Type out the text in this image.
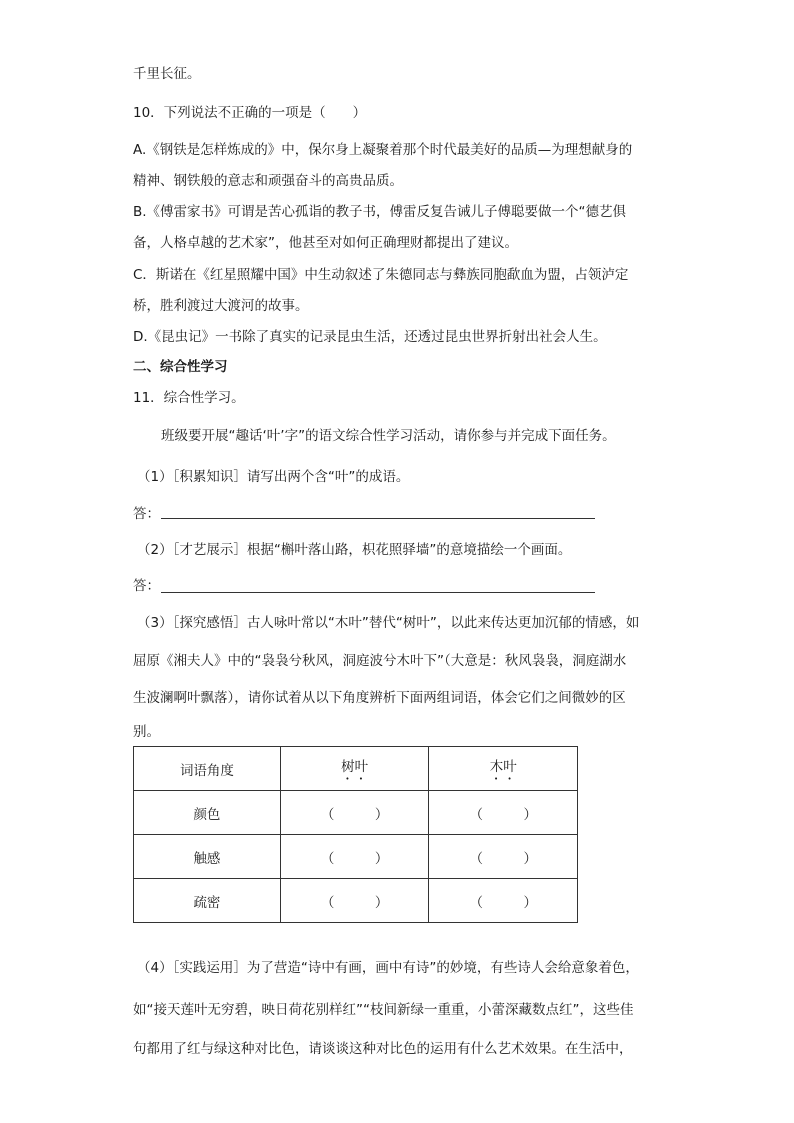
千里长征。
10．下列说法不正确的一项是（　　）
A.《钢铁是怎样炼成的》中，保尔身上凝聚着那个时代最美好的品质—为理想献身的
精神、钢铁般的意志和顽强奋斗的高贵品质。
B.《傅雷家书》可谓是苦心孤诣的教子书，傅雷反复告诫儿子傅聪要做一个“德艺俱
备，人格卓越的艺术家”，他甚至对如何正确理财都提出了建议。
C．斯诺在《红星照耀中国》中生动叙述了朱德同志与彝族同胞歃血为盟，占领泸定
桥，胜利渡过大渡河的故事。
D.《昆虫记》一书除了真实的记录昆虫生活，还透过昆虫世界折射出社会人生。
二、综合性学习
11．综合性学习。
班级要开展“趣话‘叶’字”的语文综合性学习活动，请你参与并完成下面任务。
（1）［积累知识］请写出两个含“叶”的成语。
答：
（2）［才艺展示］根据“槲叶落山路，枳花照驿墙”的意境描绘一个画面。
答：
（3）［探究感悟］古人咏叶常以“木叶”替代“树叶”，以此来传达更加沉郁的情感，如
屈原《湘夫人》中的“袅袅兮秋风，洞庭波兮木叶下”（大意是：秋风袅袅，洞庭湖水
生波澜啊叶飘落），请你试着从以下角度辨析下面两组词语，体会它们之间微妙的区
别。
词语角度	树叶	木叶
颜色	（　　　）	（　　　）
触感	（　　　）	（　　　）
疏密	（　　　）	（　　　）
（4）［实践运用］为了营造“诗中有画，画中有诗”的妙境，有些诗人会给意象着色，
如“接天莲叶无穷碧，映日荷花别样红”“枝间新绿一重重，小蕾深藏数点红”，这些佳
句都用了红与绿这种对比色，请谈谈这种对比色的运用有什么艺术效果。在生活中，
